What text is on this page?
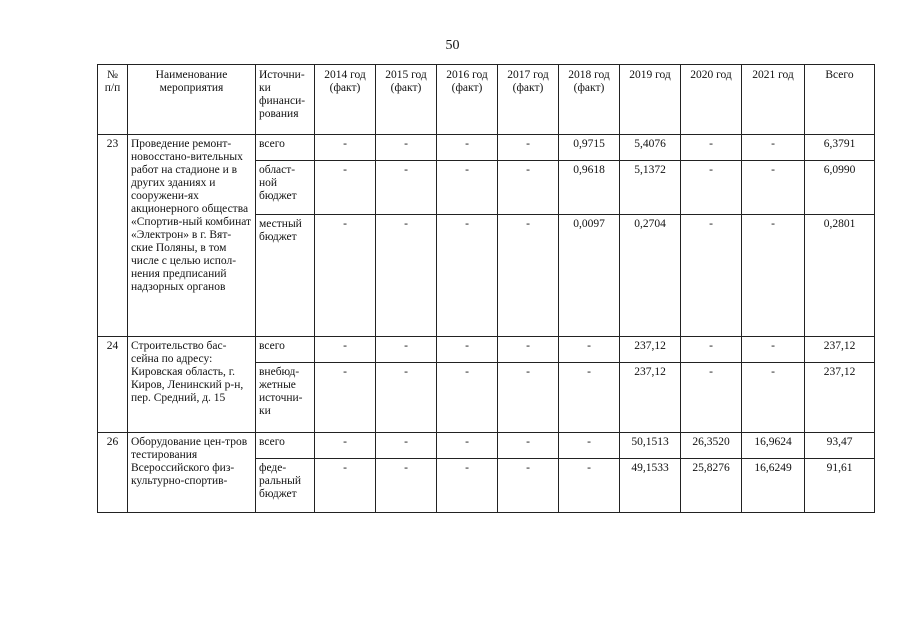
50
№ п/п	Наименование мероприятия	Источни-ки финанси-рования	2014 год (факт)	2015 год (факт)	2016 год (факт)	2017 год (факт)	2018 год (факт)	2019 год	2020 год	2021 год	Всего
23	Проведение ремонт-новосстано-вительных работ на стадионе и в других зданиях и сооружени-ях акционерного общества «Спортив-ный комбинат «Электрон» в г. Вят-ские Поляны, в том числе с целью испол-нения предписаний надзорных органов	всего	-	-	-	-	0,9715	5,4076	-	-	6,3791
		област-ной бюджет	-	-	-	-	0,9618	5,1372	-	-	6,0990
		местный бюджет	-	-	-	-	0,0097	0,2704	-	-	0,2801
24	Строительство бас-сейна по адресу: Кировская область, г. Киров, Ленинский р-н, пер. Средний, д. 15	всего	-	-	-	-	-	237,12	-	-	237,12
		внебюд-жетные источни-ки	-	-	-	-	-	237,12	-	-	237,12
26	Оборудование цен-тров тестирования Всероссийского физ-культурно-спортив-	всего	-	-	-	-	-	50,1513	26,3520	16,9624	93,47
		феде-ральный бюджет	-	-	-	-	-	49,1533	25,8276	16,6249	91,61
